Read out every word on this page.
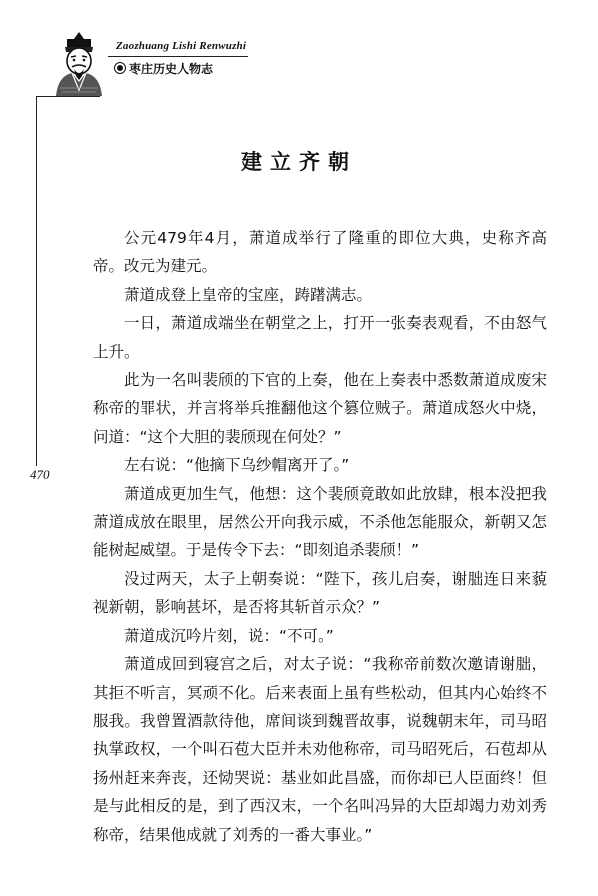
Zaozhuang Lishi Renwuzhi
枣庄历史人物志
470
建立齐朝

公元479年4月，萧道成举行了隆重的即位大典，史称齐高帝。改元为建元。

萧道成登上皇帝的宝座，踌躇满志。

一日，萧道成端坐在朝堂之上，打开一张奏表观看，不由怒气上升。

此为一名叫裴颀的下官的上奏，他在上奏表中悉数萧道成废宋称帝的罪状，并言将举兵推翻他这个篡位贼子。萧道成怒火中烧，问道：“这个大胆的裴颀现在何处？”

左右说：“他摘下乌纱帽离开了。”

萧道成更加生气，他想：这个裴颀竟敢如此放肆，根本没把我萧道成放在眼里，居然公开向我示威，不杀他怎能服众，新朝又怎能树起威望。于是传令下去：“即刻追杀裴颀！”

没过两天，太子上朝奏说：“陛下，孩儿启奏，谢朏连日来藐视新朝，影响甚坏，是否将其斩首示众？”

萧道成沉吟片刻，说：“不可。”

萧道成回到寝宫之后，对太子说：“我称帝前数次邀请谢朏，其拒不听言，冥顽不化。后来表面上虽有些松动，但其内心始终不服我。我曾置酒款待他，席间谈到魏晋故事，说魏朝末年，司马昭执掌政权，一个叫石苞大臣并未劝他称帝，司马昭死后，石苞却从扬州赶来奔丧，还恸哭说：基业如此昌盛，而你却已人臣面终！但是与此相反的是，到了西汉末，一个名叫冯异的大臣却竭力劝刘秀称帝，结果他成就了刘秀的一番大事业。”
